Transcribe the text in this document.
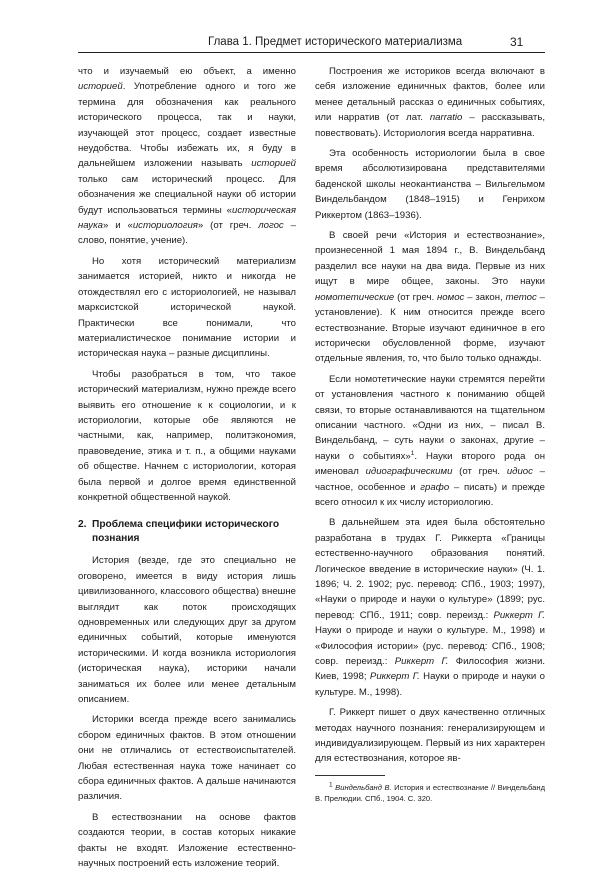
Глава 1. Предмет исторического материализма	31

что и изучаемый ею объект, а именно историей. Употребление одного и того же термина для обозначения как реального исторического процесса, так и науки, изучающей этот процесс, создает известные неудобства. Чтобы избежать их, я буду в дальнейшем изложении называть историей только сам исторический процесс. Для обозначения же специальной науки об истории будут использоваться термины «историческая наука» и «историология» (от греч. логос – слово, понятие, учение).

Но хотя исторический материализм занимается историей, никто и никогда не отождествлял его с историологией, не называл марксистской исторической наукой. Практически все понимали, что материалистическое понимание истории и историческая наука – разные дисциплины.

Чтобы разобраться в том, что такое исторический материализм, нужно прежде всего выявить его отношение к к социологии, и к историологии, которые обе являются не частными, как, например, политэкономия, правоведение, этика и т. п., а общими науками об обществе. Начнем с историологии, которая была первой и долгое время единственной конкретной общественной наукой.

2. Проблема специфики исторического познания

История (везде, где это специально не оговорено, имеется в виду история лишь цивилизованного, классового общества) внешне выглядит как поток происходящих одновременных или следующих друг за другом единичных событий, которые именуются историческими. И когда возникла историология (историческая наука), историки начали заниматься их более или менее детальным описанием.

Историки всегда прежде всего занимались сбором единичных фактов. В этом отношении они не отличались от естествоиспытателей. Любая естественная наука тоже начинает со сбора единичных фактов. А дальше начинаются различия.

В естествознании на основе фактов создаются теории, в состав которых никакие факты не входят. Изложение естественно-научных построений есть изложение теорий.

Построения же историков всегда включают в себя изложение единичных фактов, более или менее детальный рассказ о единичных событиях, или нарратив (от лат. narratio – рассказывать, повествовать). Историология всегда нарративна.

Эта особенность историологии была в свое время абсолютизирована представителями баденской школы неокантианства – Вильгельмом Виндельбандом (1848–1915) и Генрихом Риккертом (1863–1936).

В своей речи «История и естествознание», произнесенной 1 мая 1894 г., В. Виндельбанд разделил все науки на два вида. Первые из них ищут в мире общее, законы. Это науки номотетические (от греч. номос – закон, тетос – установление). К ним относится прежде всего естествознание. Вторые изучают единичное в его исторически обусловленной форме, изучают отдельные явления, то, что было только однажды.

Если номотетические науки стремятся перейти от установления частного к пониманию общей связи, то вторые останавливаются на тщательном описании частного. «Одни из них, – писал В. Виндельбанд, – суть науки о законах, другие – науки о событиях»$^1$. Науки второго рода он именовал идиографическими (от греч. идиос – частное, особенное и графо – писать) и прежде всего относил к их числу историологию.

В дальнейшем эта идея была обстоятельно разработана в трудах Г. Риккерта «Границы естественно-научного образования понятий. Логическое введение в исторические науки» (Ч. 1. 1896; Ч. 2. 1902; рус. перевод: СПб., 1903; 1997), «Науки о природе и науки о культуре» (1899; рус. перевод: СПб., 1911; совр. переизд.: Риккерт Г. Науки о природе и науки о культуре. М., 1998) и «Философия истории» (рус. перевод: СПб., 1908; совр. переизд.: Риккерт Г. Философия жизни. Киев, 1998; Риккерт Г. Науки о природе и науки о культуре. М., 1998).

Г. Риккерт пишет о двух качественно отличных методах научного познания: генерализирующем и индивидуализирующем. Первый из них характерен для естествознания, которое яв-

$^1$ Виндельбанд В. История и естествознание // Виндельбанд В. Прелюдии. СПб., 1904. С. 320.
